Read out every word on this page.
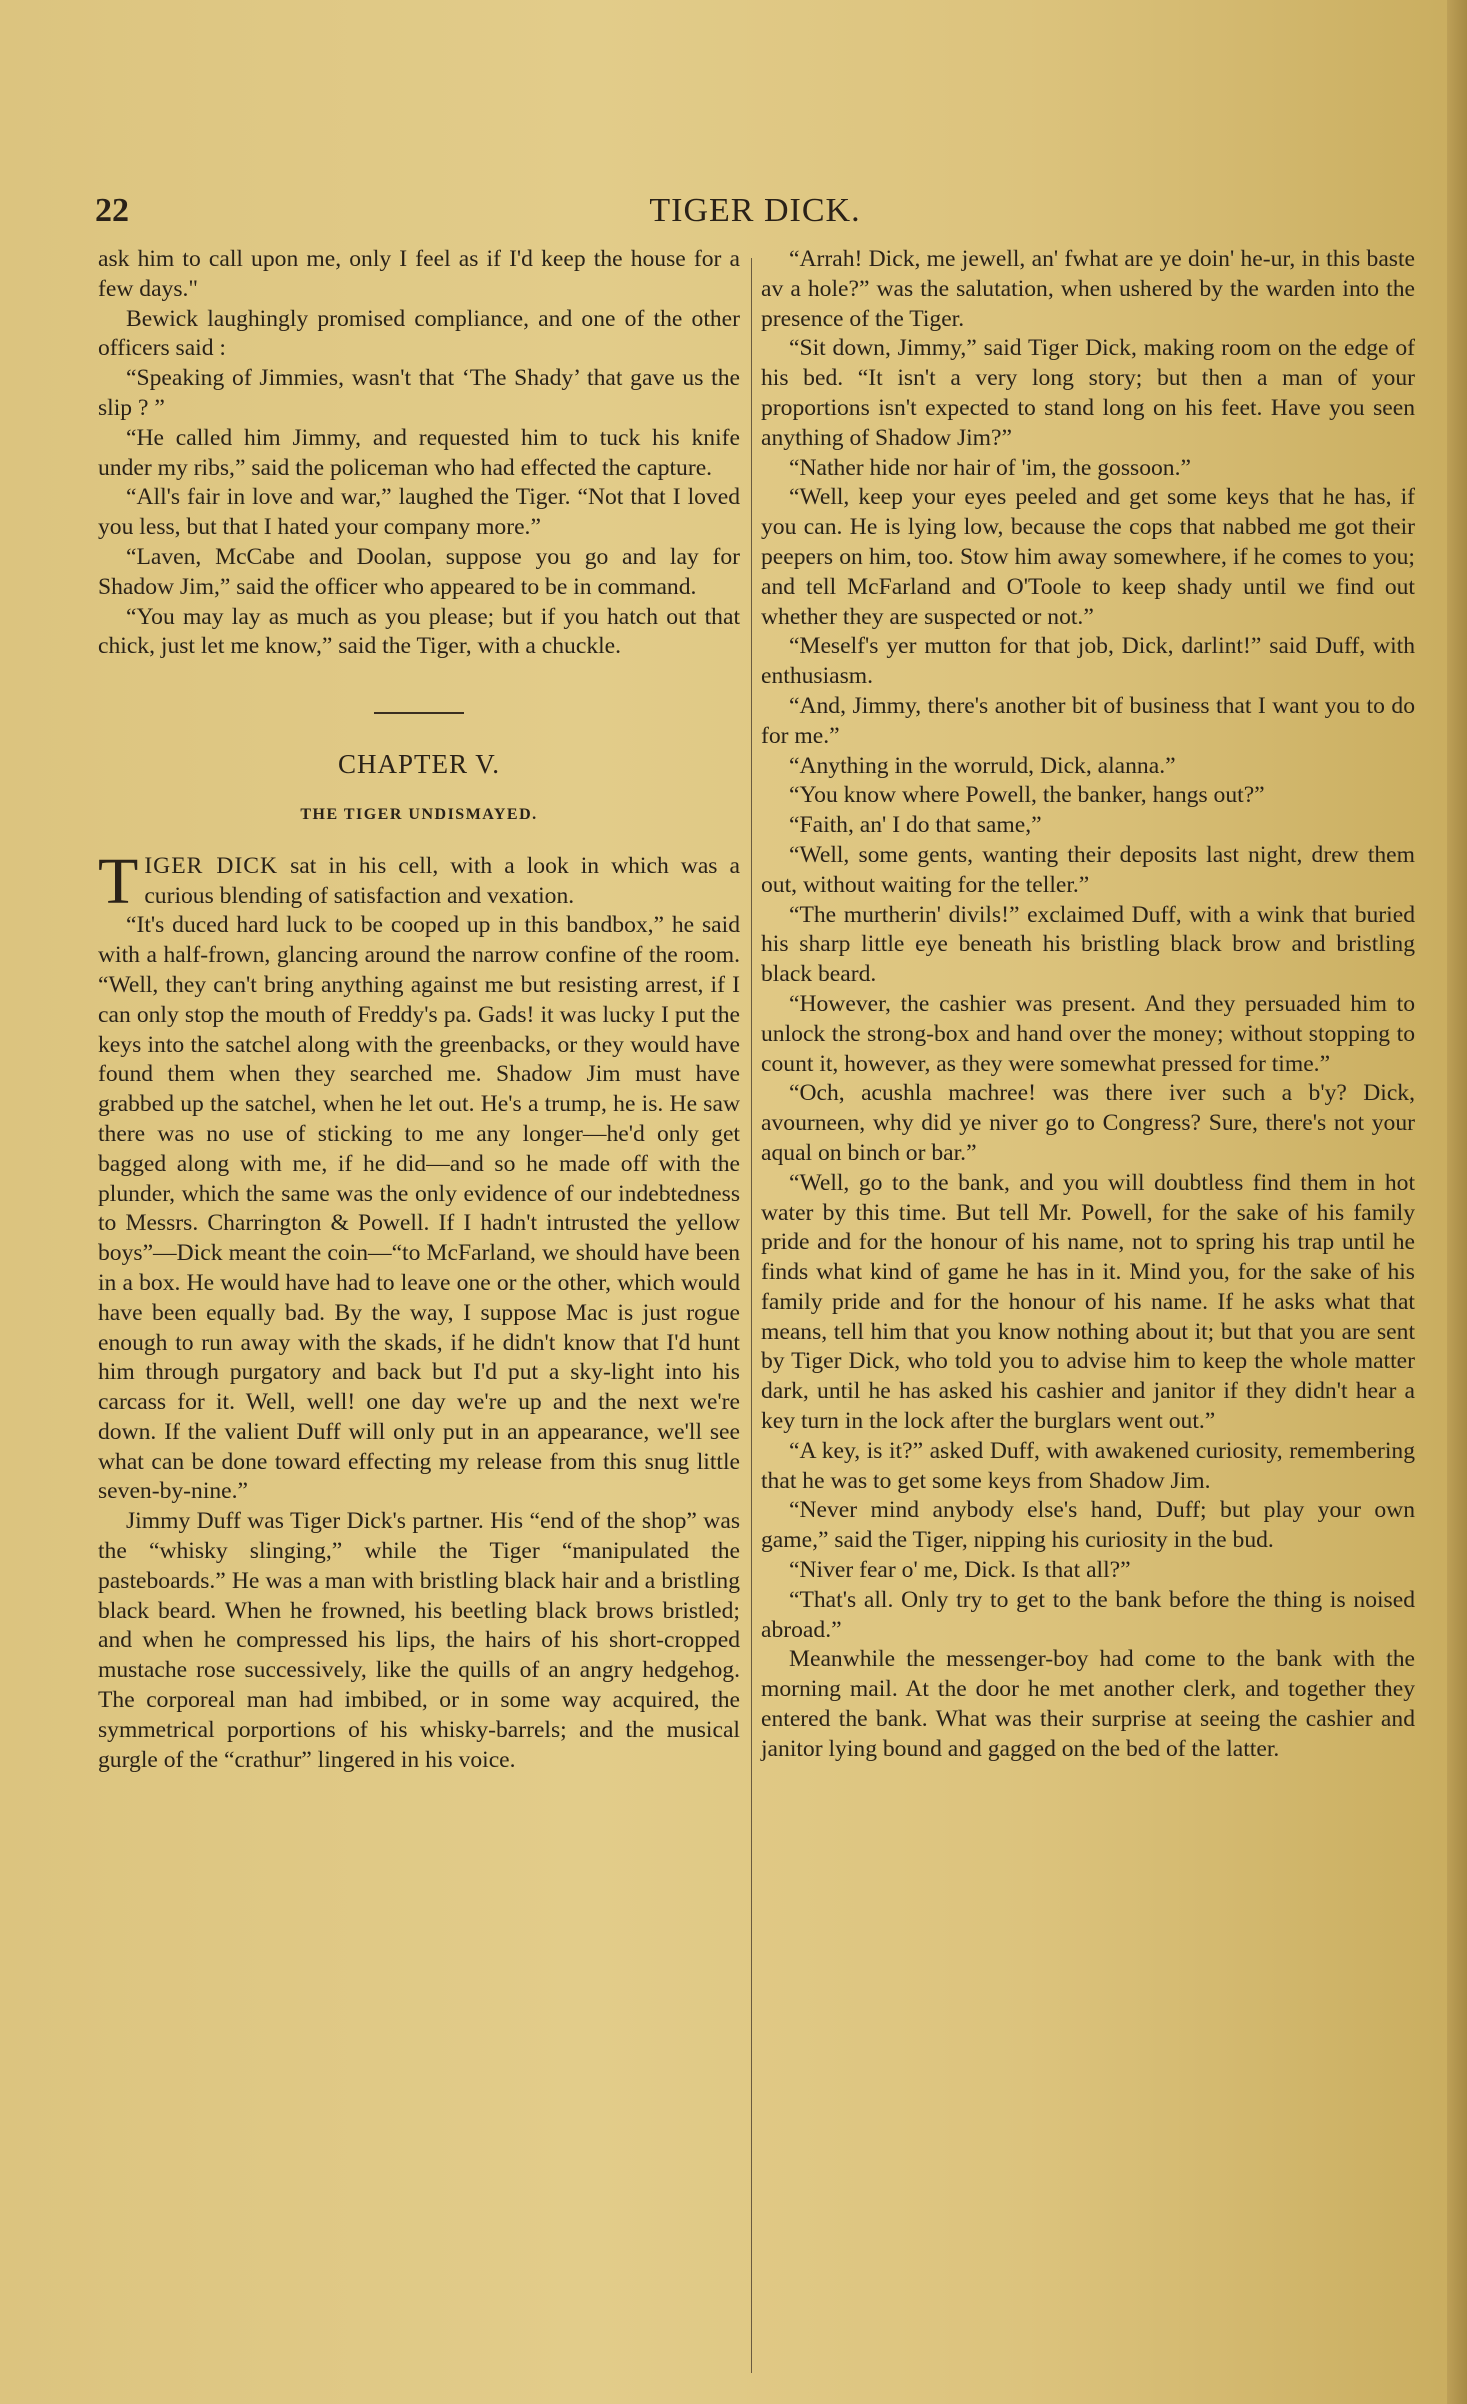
22	TIGER DICK.

ask him to call upon me, only I feel as if I'd keep the house for a few days."

Bewick laughingly promised compliance, and one of the other officers said :

“Speaking of Jimmies, wasn't that ‘The Shady’ that gave us the slip ? ”

“He called him Jimmy, and requested him to tuck his knife under my ribs,” said the policeman who had effected the capture.

“All's fair in love and war,” laughed the Tiger. “Not that I loved you less, but that I hated your company more.”

“Laven, McCabe and Doolan, suppose you go and lay for Shadow Jim,” said the officer who appeared to be in command.

“You may lay as much as you please; but if you hatch out that chick, just let me know,” said the Tiger, with a chuckle.

CHAPTER V.
THE TIGER UNDISMAYED.

TIGER DICK sat in his cell, with a look in which was a curious blending of satisfaction and vexation.

“It's duced hard luck to be cooped up in this bandbox,” he said with a half-frown, glancing around the narrow confine of the room. “Well, they can't bring anything against me but resisting arrest, if I can only stop the mouth of Freddy's pa. Gads! it was lucky I put the keys into the satchel along with the greenbacks, or they would have found them when they searched me. Shadow Jim must have grabbed up the satchel, when he let out. He's a trump, he is. He saw there was no use of sticking to me any longer—he'd only get bagged along with me, if he did—and so he made off with the plunder, which the same was the only evidence of our indebtedness to Messrs. Charrington & Powell. If I hadn't intrusted the yellow boys”—Dick meant the coin—“to McFarland, we should have been in a box. He would have had to leave one or the other, which would have been equally bad. By the way, I suppose Mac is just rogue enough to run away with the skads, if he didn't know that I'd hunt him through purgatory and back but I'd put a sky-light into his carcass for it. Well, well! one day we're up and the next we're down. If the valient Duff will only put in an appearance, we'll see what can be done toward effecting my release from this snug little seven-by-nine.”

Jimmy Duff was Tiger Dick's partner. His “end of the shop” was the “whisky slinging,” while the Tiger “manipulated the pasteboards.” He was a man with bristling black hair and a bristling black beard. When he frowned, his beetling black brows bristled; and when he compressed his lips, the hairs of his short-cropped mustache rose successively, like the quills of an angry hedgehog. The corporeal man had imbibed, or in some way acquired, the symmetrical porportions of his whisky-barrels; and the musical gurgle of the “crathur” lingered in his voice.

“Arrah! Dick, me jewell, an' fwhat are ye doin' he-ur, in this baste av a hole?” was the salutation, when ushered by the warden into the presence of the Tiger.

“Sit down, Jimmy,” said Tiger Dick, making room on the edge of his bed. “It isn't a very long story; but then a man of your proportions isn't expected to stand long on his feet. Have you seen anything of Shadow Jim?”

“Nather hide nor hair of 'im, the gossoon.”

“Well, keep your eyes peeled and get some keys that he has, if you can. He is lying low, because the cops that nabbed me got their peepers on him, too. Stow him away somewhere, if he comes to you; and tell McFarland and O'Toole to keep shady until we find out whether they are suspected or not.”

“Meself's yer mutton for that job, Dick, darlint!” said Duff, with enthusiasm.

“And, Jimmy, there's another bit of business that I want you to do for me.”

“Anything in the worruld, Dick, alanna.”

“You know where Powell, the banker, hangs out?”

“Faith, an' I do that same,”

“Well, some gents, wanting their deposits last night, drew them out, without waiting for the teller.”

“The murtherin' divils!” exclaimed Duff, with a wink that buried his sharp little eye beneath his bristling black brow and bristling black beard.

“However, the cashier was present. And they persuaded him to unlock the strong-box and hand over the money; without stopping to count it, however, as they were somewhat pressed for time.”

“Och, acushla machree! was there iver such a b'y? Dick, avourneen, why did ye niver go to Congress? Sure, there's not your aqual on binch or bar.”

“Well, go to the bank, and you will doubtless find them in hot water by this time. But tell Mr. Powell, for the sake of his family pride and for the honour of his name, not to spring his trap until he finds what kind of game he has in it. Mind you, for the sake of his family pride and for the honour of his name. If he asks what that means, tell him that you know nothing about it; but that you are sent by Tiger Dick, who told you to advise him to keep the whole matter dark, until he has asked his cashier and janitor if they didn't hear a key turn in the lock after the burglars went out.”

“A key, is it?” asked Duff, with awakened curiosity, remembering that he was to get some keys from Shadow Jim.

“Never mind anybody else's hand, Duff; but play your own game,” said the Tiger, nipping his curiosity in the bud.

“Niver fear o' me, Dick. Is that all?”

“That's all. Only try to get to the bank before the thing is noised abroad.”

Meanwhile the messenger-boy had come to the bank with the morning mail. At the door he met another clerk, and together they entered the bank. What was their surprise at seeing the cashier and janitor lying bound and gagged on the bed of the latter.
